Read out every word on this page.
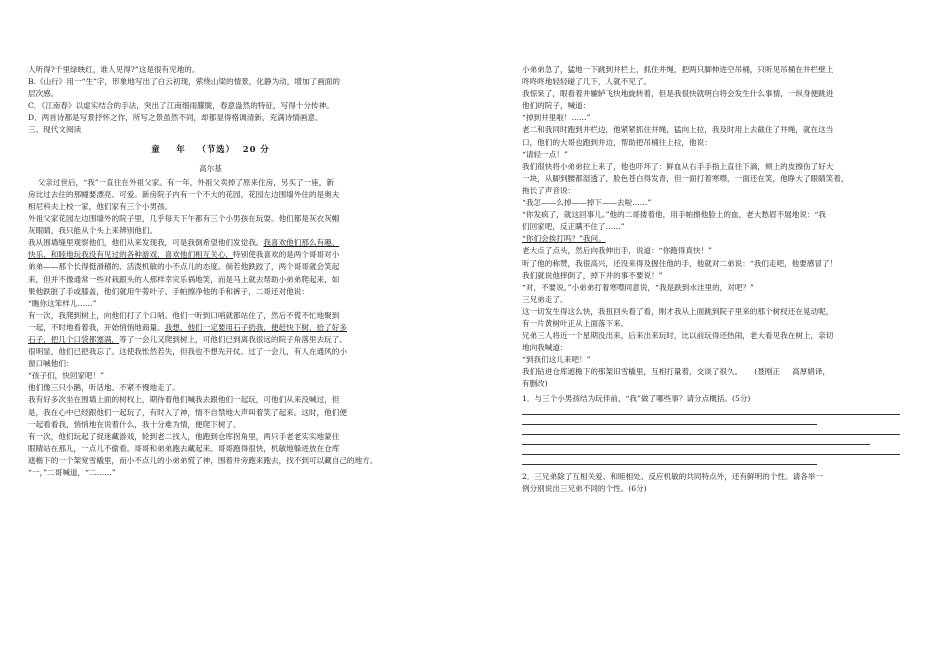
人听得?千里绿映红，谁人见得?”这是很有见地的。

B.《山行》用一“生”字，形象地写出了白云初现，萦绕山梁的情景，化静为动，增加了画面的

层次感。

C．《江南春》以虚实结合的手法，突出了江南细雨朦胧，春意盎然的特征，写得十分传神。

D．两首诗都是写景抒怀之作，所写之景虽然不同，却都显得格调清新，充满诗情画意。

三、现代文阅读

童    年   （节选）  20 分

高尔基

父亲过世后，“我”一直住在外祖父家。有一年，外祖父卖掉了原来住房，另买了一座，新

房比过去住的那幢要漂亮、可爱。新房院子内有一个不大的花园，花园左边围墙外住的是奥夫

相尼科夫上校一家，他们家有三个小男孩。

外祖父家花园左边围墙外的院子里，几乎每天下午都有三个小男孩在玩耍。他们都是灰衣灰帽

灰眼睛，我只能从个头上来辨别他们。

我从围墙缝里观察他们，他们从来发现我，可是我倒希望他们发觉我。我喜欢他们那么有趣、

快乐、和睦地玩我没有见过的各种游戏，喜欢他们相互关心，特别使我喜欢的是两个哥哥对小

弟弟——那个长得挺滑稽的、活泼机敏的小不点儿的态度。倘若他跌跤了，两个哥哥就会笑起

来，但并不像通常一些对栽跟头的人那样幸灾乐祸地笑，而是马上就去帮助小弟弟爬起来，如

果他跌脏了手或膝盖，他们就用牛蒡叶子、手帕擦净他的手和裤子，二哥还对他说：

“瞧你这笨样儿……”

有一次，我爬到树上，向他们打了个口哨。他们一听到口哨就都站住了，然后不慌不忙地聚到

一起，不时地看着我，开始悄悄地商量。我想，他们一定要用石子扔我，便赶快下树，拾了好多

石子，把几个口袋都塞满，等了一会儿又爬到树上，可他们已到离我很远的院子角落里去玩了。

很明显，他们已把我忘了。这使我怅然若失，但我也不想先开仗。过了一会儿，有人在通风的小

窗口喊他们：

“孩子们，快回家吧！”

他们像三只小鹅，听话地、不紧不慢地走了。

我有好多次坐在围墙上面的树杈上，期待着他们喊我去跟他们一起玩，可他们从来没喊过，但

是，我在心中已经跟他们一起玩了，有时入了神，情不自禁地大声叫着笑了起来。这时，他们便

一起看看我，悄悄地在说着什么，我十分难为情，便爬下树了。

有一次，他们玩起了捉迷藏游戏，轮到老二找人，他跑到仓库拐角里，两只手老老实实地蒙住

眼睛站在那儿，一点儿不偷看。哥哥和弟弟跑去藏起来。哥哥跑得很快，机敏地躲进放在仓库

遮檐下的一个架宽雪橇里，而小不点儿的小弟弟慌了神，围着井旁跑来跑去，找不到可以藏自己的地方。

“一，”二哥喊道，“二……”

小弟弟急了，猛地一下跳到井栏上，抓住井绳，把两只脚伸进空吊桶，只听见吊桶在井栏壁上

咚咚咚地轻轻碰了几下，人就不见了。

我惊呆了，眼看着井辘轳飞快地旋转着，但是我很快就明白将会发生什么事情，一纵身便跳进

他们的院子，喊道：

“掉到井里啦！……”

老二和我同时跑到井栏边，他紧紧抓住井绳，猛向上拉，我及时用上去截住了井绳，就在这当

口，他们的大哥也跑到井边，帮助把吊桶往上拉，他说：

“请轻一点！”

我们很快将小弟弟拉上来了，他也吓坏了：鲜血从右手手指上直往下滴，颊上的皮擦伤了好大

一块，从脚到腰都湿透了，脸色苍白得发青，但一面打着寒噤，一面还在笑，他睁大了眼睛笑着，

拖长了声音说：

“我怎——么掉——掉下——去啦……”

“你发疯了，就这回事儿。”他的二哥搂着他，用手帕擦他脸上的血，老大愁眉不展地说：“我

们回家吧，反正瞒不住了……”

“你们会挨打吗？”我问。

老大点了点头，然后向我伸出手，说道：“你跑得真快！”

听了他的称赞，我很高兴，还没来得及握住他的手，他就对二弟说：“我们走吧，他要感冒了！

我们就说他摔倒了，掉下井的事不要说！”

“对，不要说，”小弟弟打着寒噤同意说，“我是跌到水洼里的，对吧？”

三兄弟走了。

这一切发生得这么快，我扭回头看了看，刚才我从上面跳到院子里来的那个树杈还在晃动呢，

有一片黄树叶正从上面落下来。

兄弟三人将近一个星期没出来，后来出来玩时，比以前玩得还热闹，老大看见我在树上，亲切

地向我喊道：

“到我们这儿来吧！”

我们钻进仓库遮檐下的那架旧雪橇里，互相打量着，交谈了很久。     (聂刚正     高厚娟译，

有删改)

1．与三个小男孩结为玩伴前，“我”做了哪些事？请分点概括。(5分)

2．三兄弟除了互相关爱、和睦相处、反应机敏的共同特点外，还有鲜明的个性。请各举一

例分别说出三兄弟不同的个性。(6分)
